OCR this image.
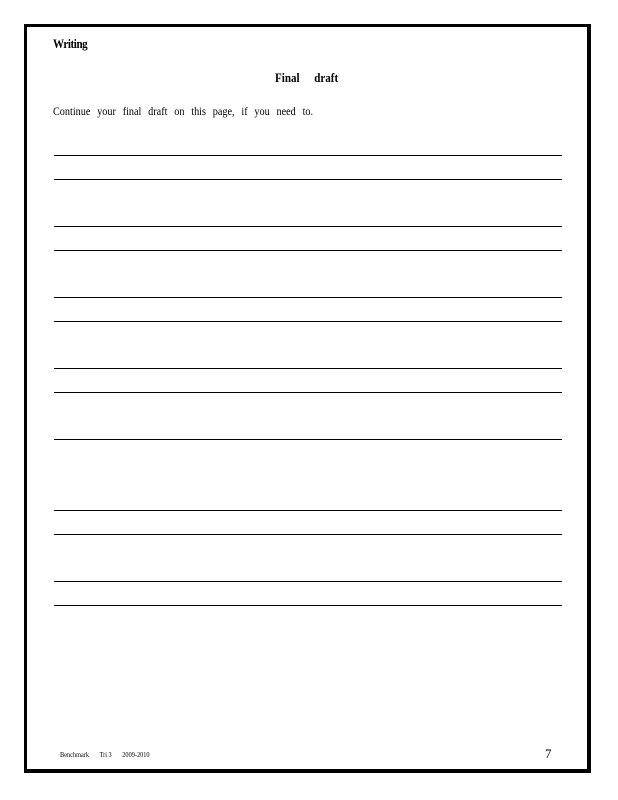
Writing
Final draft
Continue your final draft on this page, if you need to.
Benchmark Tri 3 2009-2010	7
